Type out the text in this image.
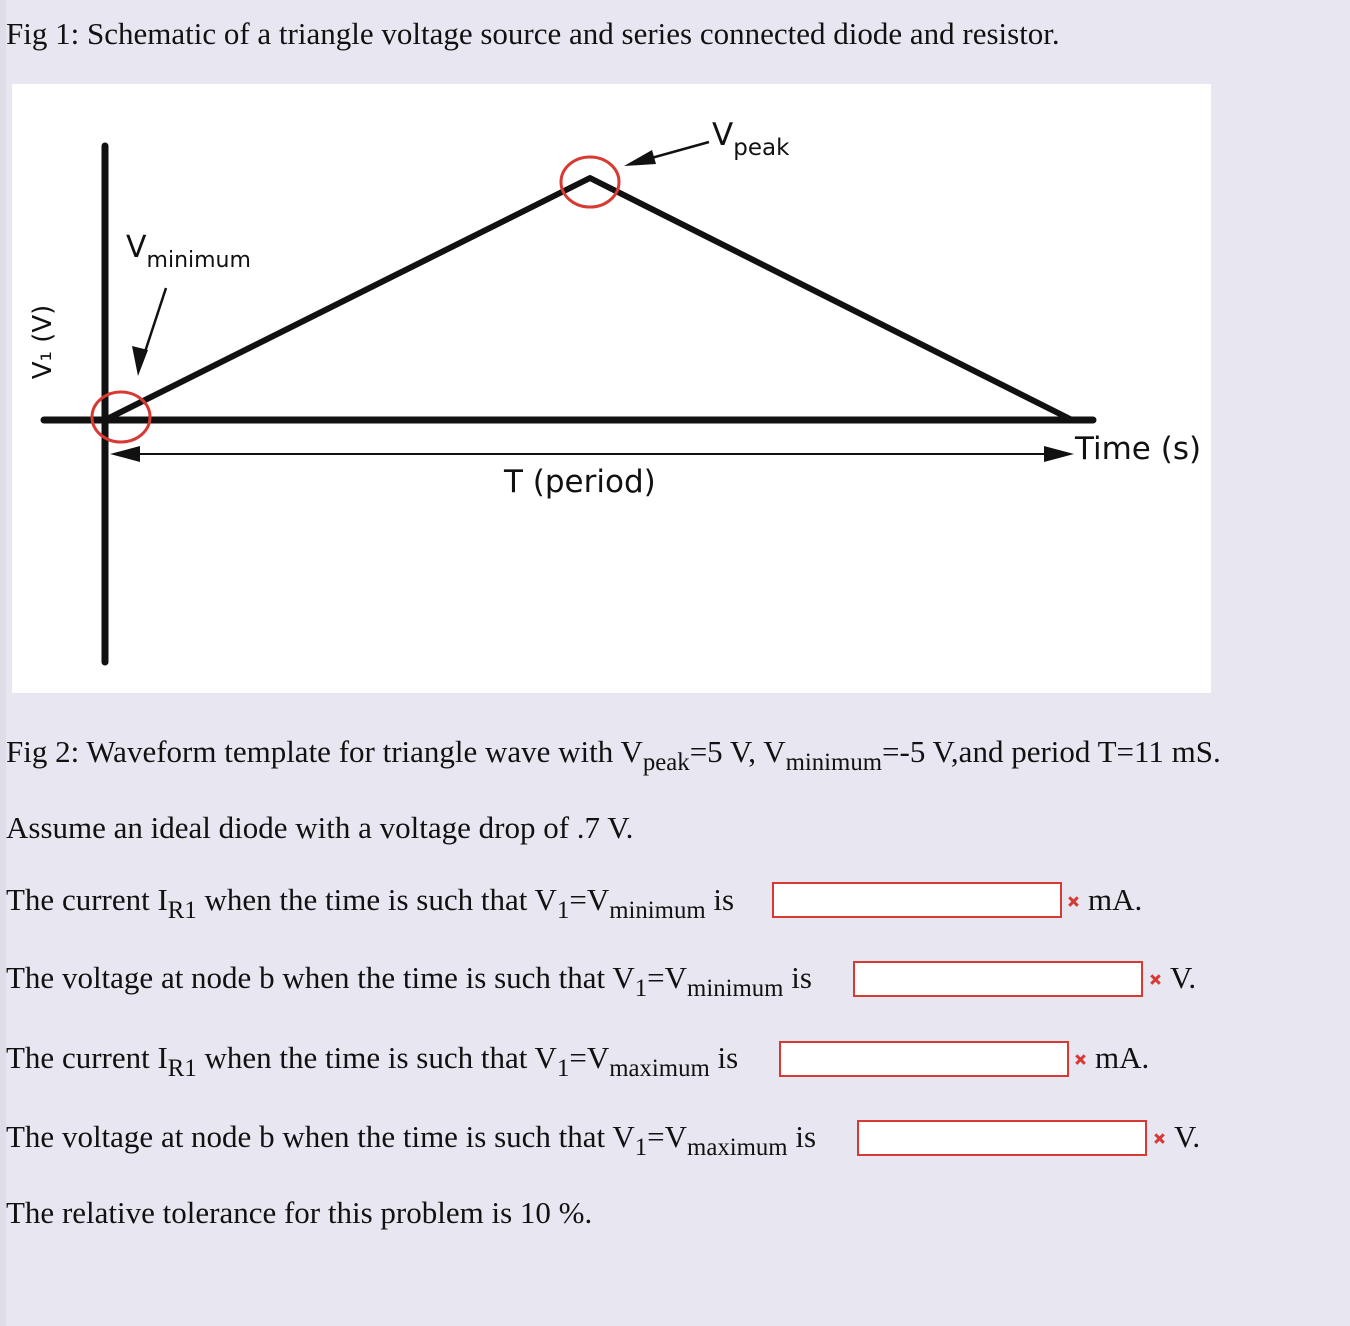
Fig 1: Schematic of a triangle voltage source and series connected diode and resistor.
$V_{peak}$
$V_{minimum}$
V₁ (V)
Time (s)
T (period)
Fig 2: Waveform template for triangle wave with $V_{peak}=5$ V, $V_{minimum}=-5$ V,and period T=11 mS.
Assume an ideal diode with a voltage drop of .7 V.
The current $I_{R1}$ when the time is such that $V_1=V_{minimum}$ is	mA.
The voltage at node b when the time is such that $V_1=V_{minimum}$ is	V.
The current $I_{R1}$ when the time is such that $V_1=V_{maximum}$ is	mA.
The voltage at node b when the time is such that $V_1=V_{maximum}$ is	V.
The relative tolerance for this problem is 10 %.
